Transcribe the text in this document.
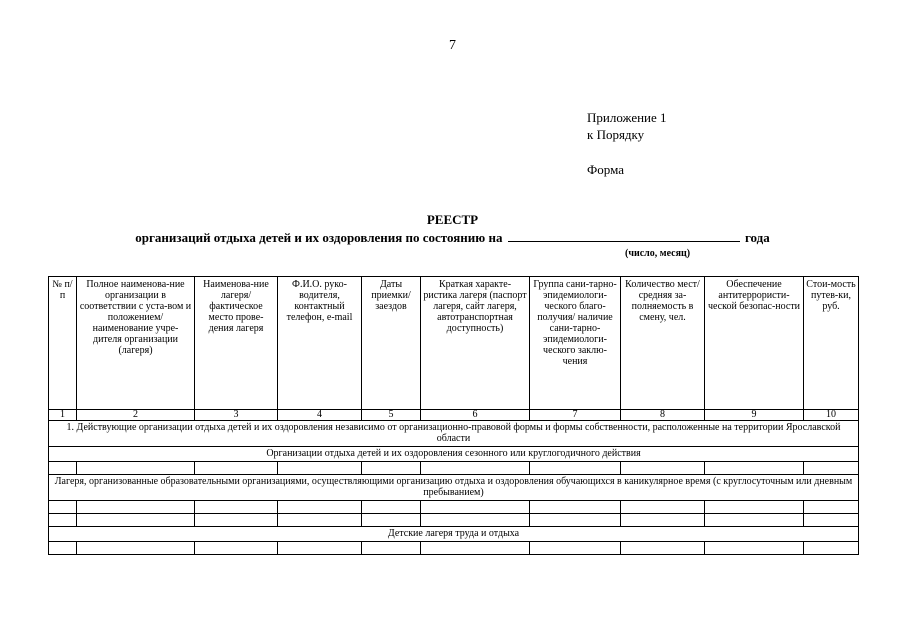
7
Приложение 1
к Порядку
Форма
РЕЕСТР
организаций отдыха детей и их оздоровления по состоянию на	года
(число, месяц)
№ п/п	Полное наименова-ние организации в соответствии с уста-вом и положением/ наименование учре-дителя организации (лагеря)	Наименова-ние лагеря/ фактическое место прове-дения лагеря	Ф.И.О. руко-водителя, контактный телефон, e-mail	Даты приемки/ заездов	Краткая характе-ристика лагеря (паспорт лагеря, сайт лагеря, автотранспортная доступность)	Группа сани-тарно-эпидемиологи-ческого благо-получия/ наличие сани-тарно-эпидемиологи-ческого заклю-чения	Количество мест/ средняя за-полняемость в смену, чел.	Обеспечение антитеррористи-ческой безопас-ности	Стои-мость путев-ки, руб.
1	2	3	4	5	6	7	8	9	10
1. Действующие организации отдыха детей и их оздоровления независимо от организационно-правовой формы и формы собственности, расположенные на территории Ярославской области									
Организации отдыха детей и их оздоровления сезонного или круглогодичного действия									

Лагеря, организованные образовательными организациями, осуществляющими организацию отдыха и оздоровления обучающихся в каникулярное время (с круглосуточным или дневным пребыванием)									

Детские лагеря труда и отдыха									
